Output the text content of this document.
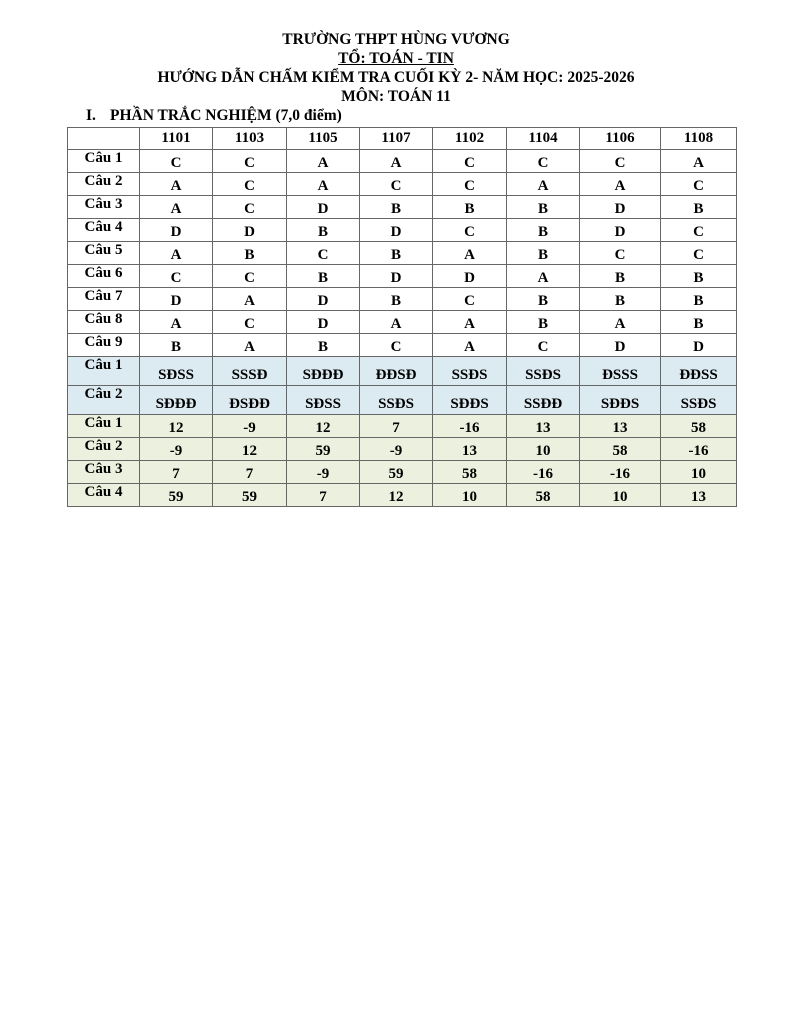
TRƯỜNG THPT HÙNG VƯƠNG
TỔ: TOÁN - TIN
HƯỚNG DẪN CHẤM KIỂM TRA CUỐI KỲ 2- NĂM HỌC: 2025-2026
MÔN: TOÁN 11
I. PHẦN TRẮC NGHIỆM (7,0 điểm)
	1101	1103	1105	1107	1102	1104	1106	1108
Câu 1	C	C	A	A	C	C	C	A
Câu 2	A	C	A	C	C	A	A	C
Câu 3	A	C	D	B	B	B	D	B
Câu 4	D	D	B	D	C	B	D	C
Câu 5	A	B	C	B	A	B	C	C
Câu 6	C	C	B	D	D	A	B	B
Câu 7	D	A	D	B	C	B	B	B
Câu 8	A	C	D	A	A	B	A	B
Câu 9	B	A	B	C	A	C	D	D
Câu 1	SĐSS	SSSĐ	SĐĐĐ	ĐĐSĐ	SSĐS	SSĐS	ĐSSS	ĐĐSS
Câu 2	SĐĐĐ	ĐSĐĐ	SĐSS	SSĐS	SĐĐS	SSĐĐ	SĐĐS	SSĐS
Câu 1	12	-9	12	7	-16	13	13	58
Câu 2	-9	12	59	-9	13	10	58	-16
Câu 3	7	7	-9	59	58	-16	-16	10
Câu 4	59	59	7	12	10	58	10	13
